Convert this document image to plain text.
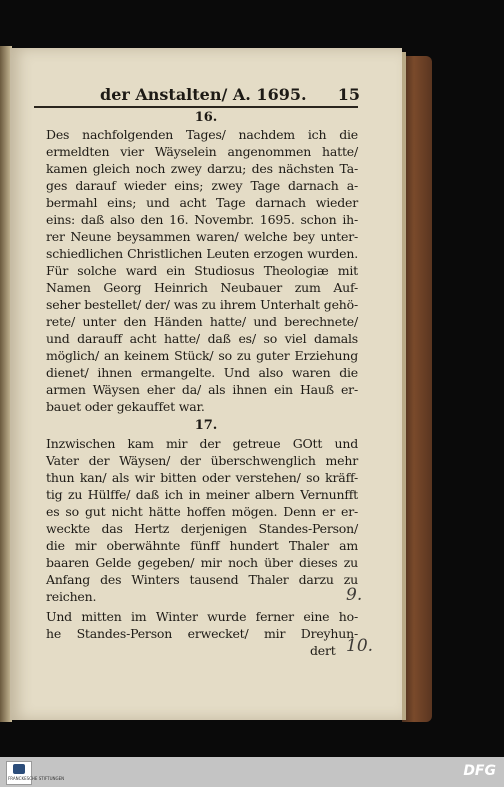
der Anstalten/ A. 1695. 15
16.
Des nachfolgenden Tages/ nachdem ich die
ermeldten vier Wäyselein angenommen hatte/
kamen gleich noch zwey darzu; des nächsten Ta-
ges darauf wieder eins; zwey Tage darnach a-
bermahl eins; und acht Tage darnach wieder
eins: daß also den 16. Novembr. 1695. schon ih-
rer Neune beysammen waren/ welche bey unter-
schiedlichen Christlichen Leuten erzogen wurden.
Für solche ward ein Studiosus Theologiæ mit
Namen Georg Heinrich Neubauer zum Auf-
seher bestellet/ der/ was zu ihrem Unterhalt gehö-
rete/ unter den Händen hatte/ und berechnete/
und darauff acht hatte/ daß es/ so viel damals
möglich/ an keinem Stück/ so zu guter Erziehung
dienet/ ihnen ermangelte. Und also waren die
armen Wäysen eher da/ als ihnen ein Hauß er-
bauet oder gekauffet war.
17.
Inzwischen kam mir der getreue GOtt und
Vater der Wäysen/ der überschwenglich mehr
thun kan/ als wir bitten oder verstehen/ so kräff-
tig zu Hülffe/ daß ich in meiner albern Vernunfft
es so gut nicht hätte hoffen mögen. Denn er er-
weckte das Hertz derjenigen Standes-Person/
die mir oberwähnte fünff hundert Thaler am
baaren Gelde gegeben/ mir noch über dieses zu
Anfang des Winters tausend Thaler darzu zu
reichen.
Und mitten im Winter wurde ferner eine ho-
he Standes-Person erwecket/ mir Dreyhun-
dert
9.
10.
FRANCKESCHE STIFTUNGEN	DFG
